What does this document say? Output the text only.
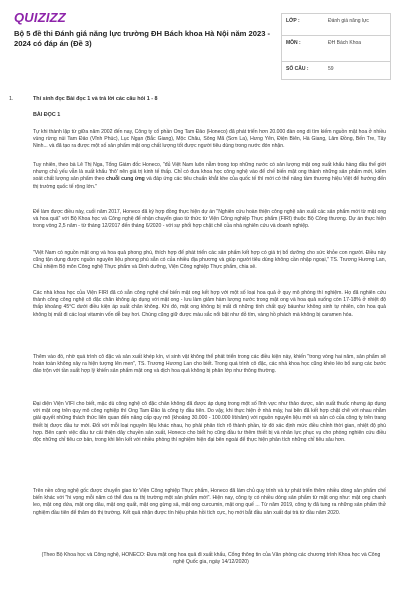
QUIZIZZ
Bộ 5 đề thi Đánh giá năng lực trường ĐH Bách khoa Hà Nội năm 2023 - 2024 có đáp án (Đề 3)
LỚP :	Đánh giá năng lực
MÔN :	ĐH Bách Khoa
SỐ CÂU :	59
1.	Thí sinh đọc Bài đọc 1 và trả lời các câu hỏi 1 - 8
BÀI ĐỌC 1

Tự khi thành lập từ giữa năm 2002 đến nay, Công ty cổ phần Ong Tam Đảo (Honeco) đã phát triển hơn 20.000 đàn ong di tìm kiếm nguồn mật hoa ở nhiều vùng rừng núi Tam Đảo (Vĩnh Phúc), Lục Ngạn (Bắc Giang), Mộc Châu, Sông Mã (Sơn La), Hưng Yên, Điện Biên, Hà Giang, Lâm Đồng, Bến Tre, Tây Ninh... và đã tạo ra được một số sản phẩm mật ong chất lượng tốt được người tiêu dùng trong nước đón nhận.

Tuy nhiên, theo bà Lê Thị Nga, Tổng Giám đốc Honeco, "đủ Việt Nam luôn nằm trong top những nước có sản lượng mật ong xuất khẩu hàng đầu thế giới nhưng chủ yếu vẫn là xuất khẩu 'thô' nên giá trị kinh tế thấp. Chỉ có đưa khoa học công nghệ vào để chế biến mật ong thành những sản phẩm mới, kiểm soát chất lượng sản phẩm theo chuỗi cung ứng và đáp ứng các tiêu chuẩn khắt khe của quốc tế thì mới có thể nâng tầm thương hiệu Việt để hướng đến thị trường quốc tế rộng lớn."

Để làm được điều này, cuối năm 2017, Honeco đã ký hợp đồng thực hiện dự án "Nghiên cứu hoàn thiện công nghệ sản xuất các sản phẩm mới từ mật ong và hoa quả" với Bộ Khoa học và Công nghệ để nhận chuyển giao từ thức từ Viện Công nghiệp Thực phẩm (FIRI) thuộc Bộ Công thương. Dự án thực hiện trong vòng 2,5 năm - từ tháng 12/2017 đến tháng 6/2020 - với sự phối hợp chặt chẽ của nhà nghiên cứu và doanh nghiệp.

"Việt Nam có nguồn mật ong và hoa quả phong phú, thích hợp để phát triển các sản phẩm kết hợp có giá trị bổ dưỡng cho sức khỏe con người. Điều này cũng tận dụng được nguồn nguyên liệu phong phú sẵn có của nhiều địa phương và giúp người tiêu dùng không cần nhập ngoại," TS. Trương Hương Lan, Chủ nhiệm Bộ môn Công nghệ Thực phẩm và Dinh dưỡng, Viện Công nghiệp Thực phẩm, chia sẻ.

Các nhà khoa học của Viện FIRI đã có sẵn công nghệ chế biến mật ong kết hợp với một số loại hoa quả ở quy mô phòng thí nghiệm. Họ đã nghiên cứu thành công công nghệ cô đặc chân không áp dụng với mật ong - lưu làm giảm hàm lượng nước trong mật ong và hoa quả xuống còn 17-18% ở nhiệt độ thấp khoảng 45°C dưới điều kiện áp suất chân không. Khi đó, mật ong không bị mất đi những tính chất quý báunhư không sinh tự nhiên, còn hoa quả không bị mất đi các loại vitamin vốn dễ bay hơi. Chúng cũng giữ được màu sắc nổi bật như đỏ tím, vàng hồ phách mà không bị caramen hóa.

Thêm vào đó, nhờ quá trình cô đặc và sản xuất khép kín, vi sinh vật không thể phát triển trong các điều kiện này, khiến "trong vòng hai năm, sản phẩm sẽ hoàn toàn không xảy ra hiện tượng lên men", TS. Trương Hương Lan cho biết. Trong quá trình cô đặc, các nhà khoa học cũng khéo léo bổ sung các bước đảo trộn với tần suất hợp lý khiến sản phẩm mật ong và dịch hoa quả không bị phân lớp như thông thường.

Đại diện Viện VIFI cho biết, mặc dù công nghệ cô đặc chân không đã được áp dụng trong một số lĩnh vực như thảo dược, sản xuất thuốc nhưng áp dụng với mật ong trên quy mô công nghiệp thì Ong Tam Đảo là công ty đầu tiên. Do vậy, khi thực hiện ở nhà máy, hai bên đã kết hợp chặt chẽ với nhau nhằm giải quyết những thách thức liên quan đến nâng cấp quy mô (khoảng 30.000 - 100.000 lít/năm) với nguồn nguyên liệu mới và sản có của công ty trên trang thiết bị được đầu tư mới. Đối với mỗi loại nguyên liệu khác nhau, họ phải phân tích rõ thành phần, từ đó xác định mức điều chỉnh thời gian, nhiệt độ phù hợp. Bên cạnh việc đầu tư cải thiện dây chuyền sản xuất, Honeco cho biết họ cũng đầu tư thêm thiết bị và nhân lực phục vụ cho phòng nghiên cứu điều độc những chỉ tiêu cơ bản, trong khi liên kết với nhiều phòng thí nghiệm hiện đại bên ngoài để thực hiện phân tích những chỉ tiêu sâu hơn.

Trên nền công nghệ gốc được chuyển giao từ Viện Công nghiệp Thực phẩm, Honeco đã làm chủ quy trình và tự phát triển thêm nhiều dòng sản phẩm chế biến khác với "hi vọng mỗi năm có thể đưa ra thị trường một sản phẩm mới". Hiện nay, công ty có nhiều dòng sản phẩm từ mật ong như: mật ong chanh leo, mật ong dứa, mật ong dâu, mật ong quất, mật ong gừng sả, mật ong curcumin, mật ong quế ... Từ năm 2019, công ty đã tung ra những sản phẩm thử nghiệm đầu tiên để thăm dò thị trường. Kết quả nhận được tín hiệu phản hồi tích cực, họ mới bắt đầu sản xuất đại trà từ đầu năm 2020.

(Theo Bộ Khoa học và Công nghệ, HONECO: Đưa mật ong hoa quả đi xuất khẩu, Cổng thông tin của Văn phòng các chương trình Khoa học và Công nghệ Quốc gia, ngày 14/12/2020)
